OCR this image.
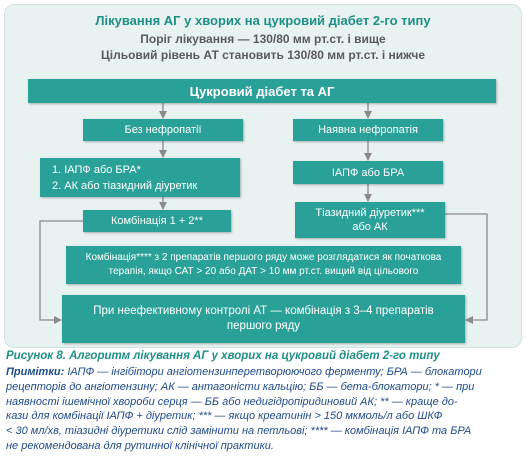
Лікування АГ у хворих на цукровий діабет 2-го типу
Поріг лікування — 130/80 мм рт.ст. і вище
Цільовий рівень АТ становить 130/80 мм рт.ст. і нижче
Цукровий діабет та АГ
Без нефропатії	Наявна нефропатія
1. ІАПФ або БРА*
2. АК або тіазидний діуретик
Комбінація 1 + 2**
ІАПФ або БРА
Тіазидний діуретик***
або АК
Комбінація**** з 2 препаратів першого ряду може розглядатися як початкова
терапія, якщо САТ > 20 або ДАТ > 10 мм рт.ст. вищий від цільового
При неефективному контролі АТ — комбінація з 3–4 препаратів
першого ряду
Рисунок 8. Алгоритм лікування АГ у хворих на цукровий діабет 2-го типу
Примітки: ІАПФ — інгібітори ангіотензинперетворюючого ферменту; БРА — блокатори
рецепторів до ангіотензину; АК — антагоністи кальцію; ББ — бета-блокатори; * — при
наявності ішемічної хвороби серця — ББ або недигідропіридиновий АК; ** — краще до-
кази для комбінації ІАПФ + діуретик; *** — якщо креатинін > 150 мкмоль/л або ШКФ
< 30 мл/хв, тіазидні діуретики слід замінити на петльові; **** — комбінація ІАПФ та БРА
не рекомендована для рутинної клінічної практики.
